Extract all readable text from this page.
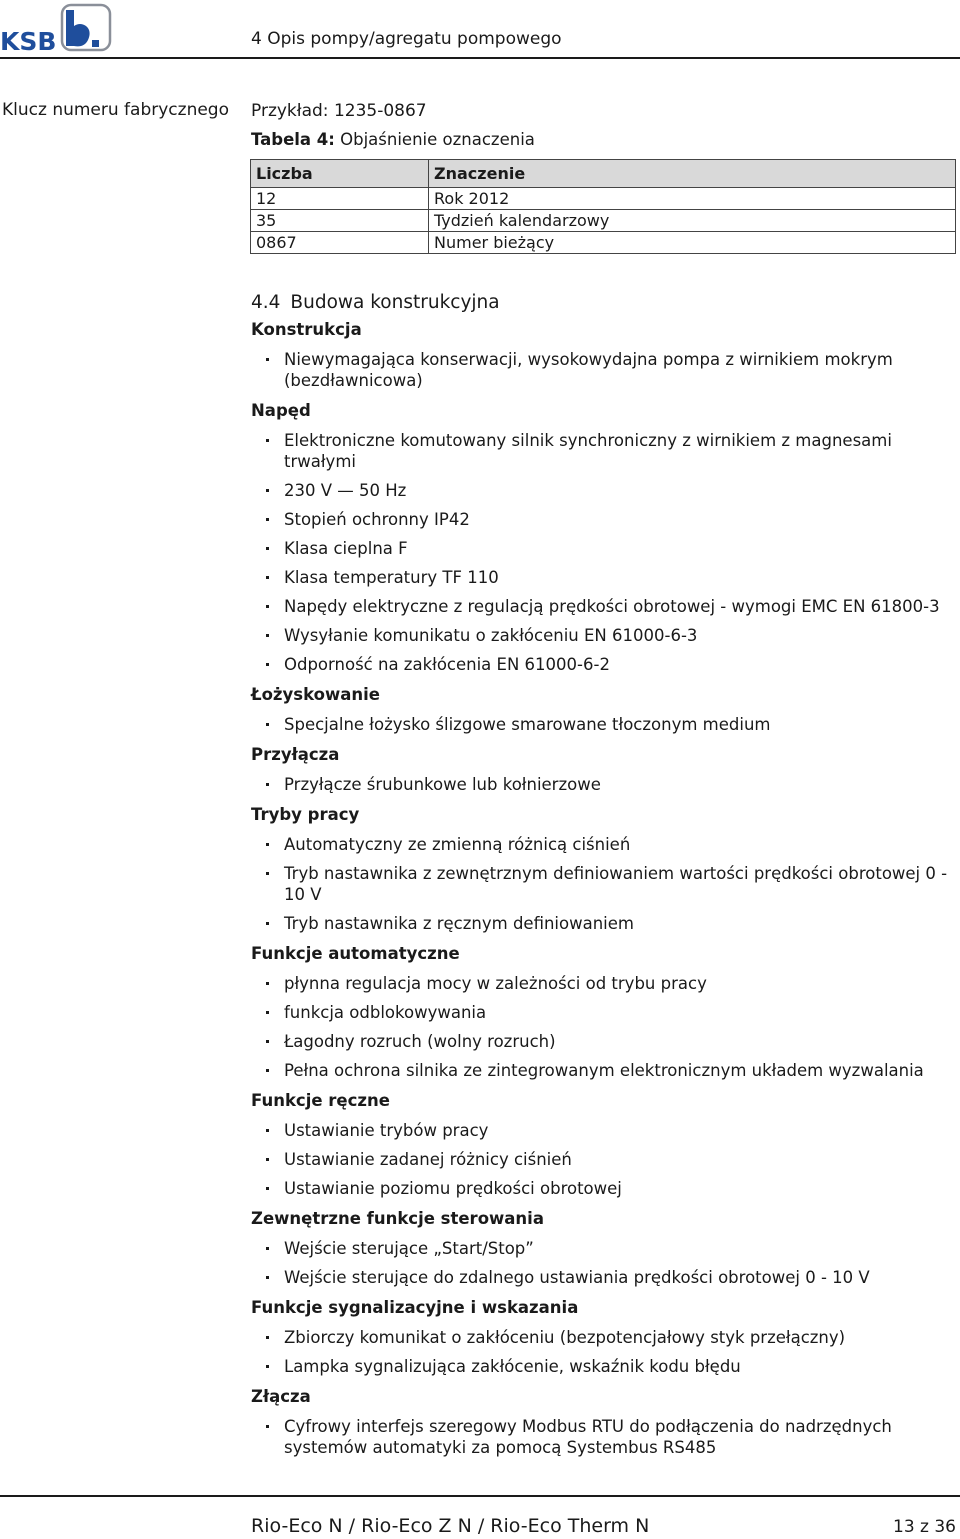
KSB	4 Opis pompy/agregatu pompowego
Klucz numeru fabrycznego Przykład: 1235-0867

Tabela 4: Objaśnienie oznaczenia

Liczba	Znaczenie
12	Rok 2012
35	Tydzień kalendarzowy
0867	Numer bieżący
4.4 Budowa konstrukcyjna

Konstrukcja

Niewymagająca konserwacji, wysokowydajna pompa z wirnikiem mokrym (bezdławnicowa)

Napęd

Elektroniczne komutowany silnik synchroniczny z wirnikiem z magnesami trwałymi
230 V — 50 Hz
Stopień ochronny IP42
Klasa cieplna F
Klasa temperatury TF 110
Napędy elektryczne z regulacją prędkości obrotowej - wymogi EMC EN 61800-3
Wysyłanie komunikatu o zakłóceniu EN 61000-6-3
Odporność na zakłócenia EN 61000-6-2

Łożyskowanie

Specjalne łożysko ślizgowe smarowane tłoczonym medium

Przyłącza

Przyłącze śrubunkowe lub kołnierzowe

Tryby pracy

Automatyczny ze zmienną różnicą ciśnień
Tryb nastawnika z zewnętrznym definiowaniem wartości prędkości obrotowej 0 - 10 V
Tryb nastawnika z ręcznym definiowaniem

Funkcje automatyczne

płynna regulacja mocy w zależności od trybu pracy
funkcja odblokowywania
Łagodny rozruch (wolny rozruch)
Pełna ochrona silnika ze zintegrowanym elektronicznym układem wyzwalania

Funkcje ręczne

Ustawianie trybów pracy
Ustawianie zadanej różnicy ciśnień
Ustawianie poziomu prędkości obrotowej

Zewnętrzne funkcje sterowania

Wejście sterujące „Start/Stop”
Wejście sterujące do zdalnego ustawiania prędkości obrotowej 0 - 10 V

Funkcje sygnalizacyjne i wskazania

Zbiorczy komunikat o zakłóceniu (bezpotencjałowy styk przełączny)
Lampka sygnalizująca zakłócenie, wskaźnik kodu błędu

Złącza

Cyfrowy interfejs szeregowy Modbus RTU do podłączenia do nadrzędnych systemów automatyki za pomocą Systembus RS485
Rio-Eco N / Rio-Eco Z N / Rio-Eco Therm N	13 z 36
